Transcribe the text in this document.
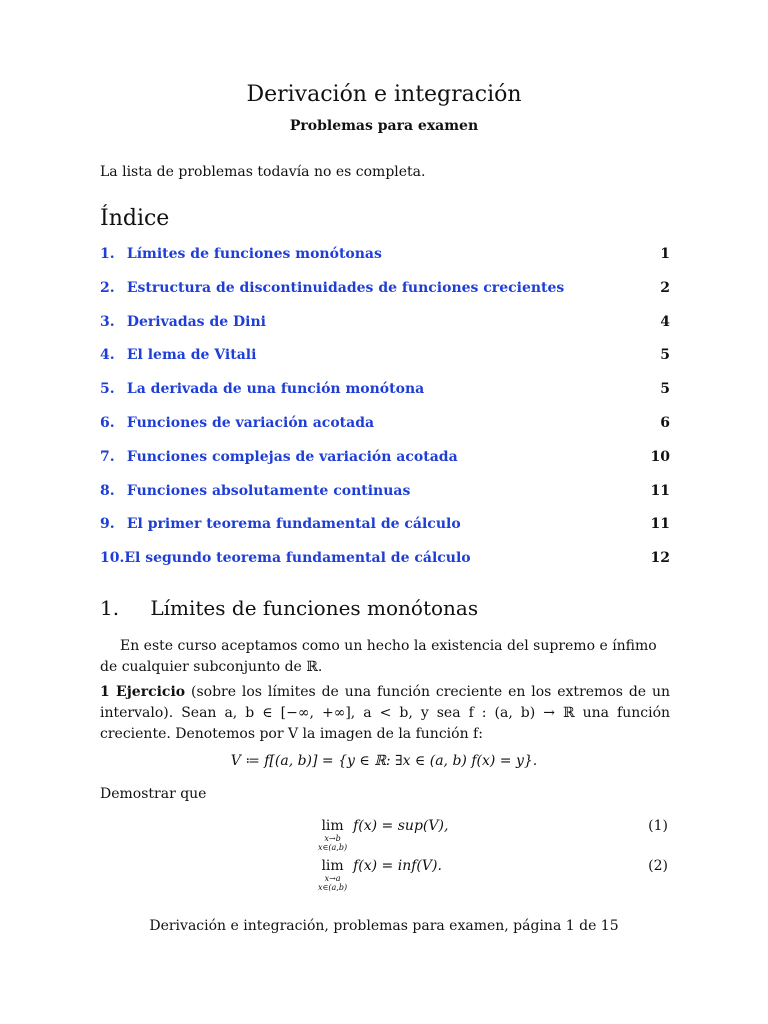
Derivación e integración
Problemas para examen
La lista de problemas todavía no es completa.
Índice
1. Límites de funciones monótonas	1
2. Estructura de discontinuidades de funciones crecientes	2
3. Derivadas de Dini	4
4. El lema de Vitali	5
5. La derivada de una función monótona	5
6. Funciones de variación acotada	6
7. Funciones complejas de variación acotada	10
8. Funciones absolutamente continuas	11
9. El primer teorema fundamental de cálculo	11
10.El segundo teorema fundamental de cálculo	12
1. Límites de funciones monótonas
En este curso aceptamos como un hecho la existencia del supremo e ínfimo de cualquier subconjunto de ℝ.
1 Ejercicio (sobre los límites de una función creciente en los extremos de un intervalo). Sean a, b ∈ [−∞, +∞], a < b, y sea f : (a, b) → ℝ una función creciente. Denotemos por V la imagen de la función f:
V ≔ f[(a, b)] = {y ∈ ℝ: ∃x ∈ (a, b) f(x) = y}.
Demostrar que
lim
x→b
x∈(a,b)
f(x) = sup(V),	(1)
lim
x→a
x∈(a,b)
f(x) = inf(V).	(2)
Derivación e integración, problemas para examen, página 1 de 15
